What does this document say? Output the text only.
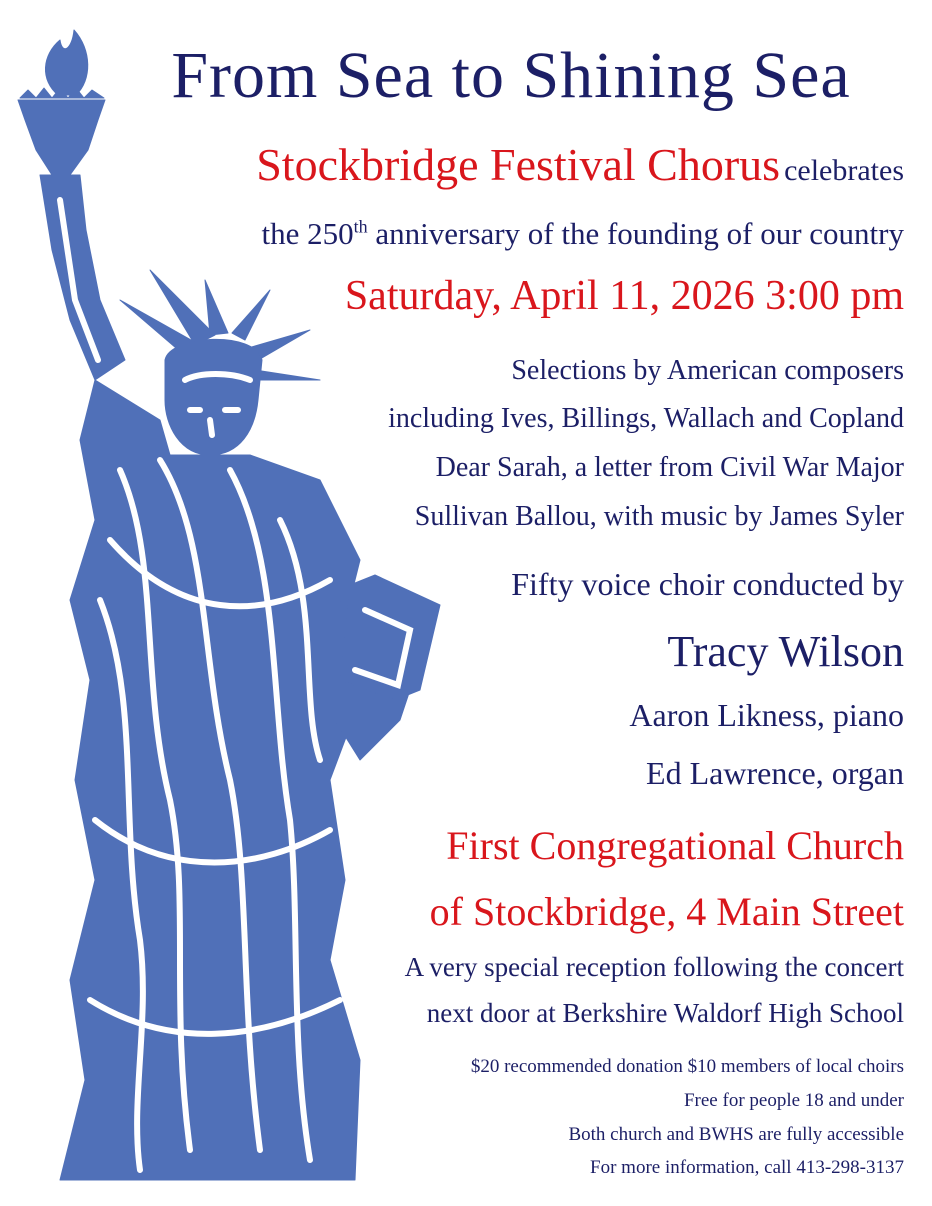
From Sea to Shining Sea
Stockbridge Festival Chorus celebrates
the 250th anniversary of the founding of our country
Saturday, April 11, 2026 3:00 pm
Selections by American composers
including Ives, Billings, Wallach and Copland
Dear Sarah, a letter from Civil War Major
Sullivan Ballou, with music by James Syler
Fifty voice choir conducted by
Tracy Wilson
Aaron Likness, piano
Ed Lawrence, organ
First Congregational Church
of Stockbridge, 4 Main Street
A very special reception following the concert
next door at Berkshire Waldorf High School
$20 recommended donation $10 members of local choirs
Free for people 18 and under
Both church and BWHS are fully accessible
For more information, call 413-298-3137
